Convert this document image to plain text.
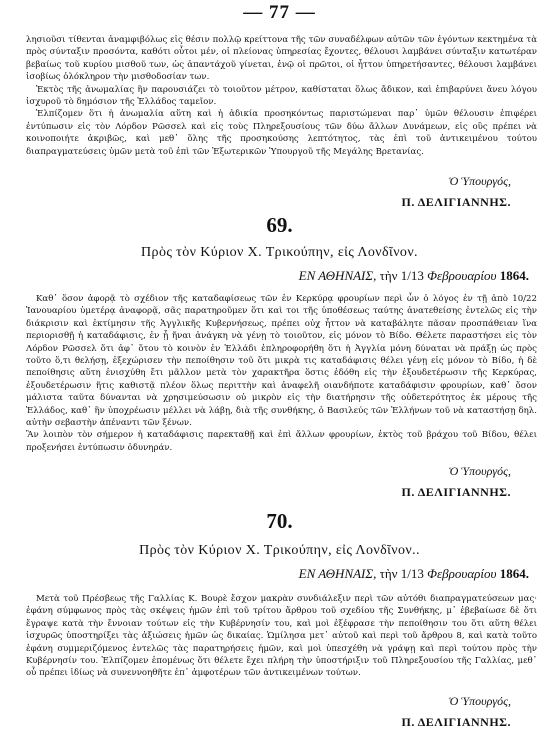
— 77 —

λησιοῦσι τίθενται ἀναμφιβόλως εἰς θέσιν πολλῷ κρείττονα τῆς τῶν συναδέλφων αὐτῶν τῶν ἐγόντων κεκτημένα τὰ πρὸς σύνταξιν προσόντα, καθότι οὗτοι μέν, οἱ πλείονας ὑπηρεσίας ἔχοντες, θέλουσι λαμβάνει σύνταξιν κατωτέραν βεβαίως τοῦ κυρίου μισθοῦ των, ὡς ἀπαντάχοῦ γίνεται, ἐνῷ οἱ πρῶτοι, οἱ ἧττον ὑπηρετήσαντες, θέλουσι λαμβάνει ἰσοβίως ὁλόκληρον τὴν μισθοδοσίαν των.

Ἐκτὸς τῆς ἀνωμαλίας ἣν παρουσιάζει τὸ τοιοῦτον μέτρον, καθίσταται ὅλως ἄδικον, καὶ ἐπιβαρύνει ἄνευ λόγου ἰσχυροῦ τὸ δημόσιον τῆς Ἑλλάδος ταμεῖον.

Ἐλπίζομεν ὅτι ἡ ἀνωμαλία αὕτη καὶ ἡ ἀδικία προσηκόντως παριστώμεναι παρ᾽ ὑμῶν θέλουσιν ἐπιφέρει ἐντύπωσιν εἰς τὸν Λόρδον Ρῶσσελ καὶ εἰς τοὺς Πληρεξουσίους τῶν δύω ἄλλων Δυνάμεων, εἰς οὓς πρέπει νὰ κοινοποιήτε ἀκριβῶς, καὶ μεθ᾽ ὅλης τῆς προσηκούσης λεπτότητος, τὰς ἐπὶ τοῦ ἀντικειμένου τούτου διαπραγματεύσεις ὑμῶν μετὰ τοῦ ἐπὶ τῶν Ἐξωτερικῶν Ὑπουργοῦ τῆς Μεγάλης Βρετανίας.

Ὁ Ὑπουργός,
Π. ΔΕΛΙΓΙΑΝΝΗΣ.
69.
Πρὸς τὸν Κύριον Χ. Τρικούπην, εἰς Λονδῖνον.
ΕΝ ΑΘΗΝΑΙΣ, τὴν 1/13 Φεβρουαρίου 1864.

Καθ᾽ ὅσον ἀφορᾷ τὸ σχέδιον τῆς καταδαφίσεως τῶν ἐν Κερκύρᾳ φρουρίων περὶ ὧν ὁ λόγος ἐν τῇ ἀπὸ 10/22 Ἰανουαρίου ὑμετέρᾳ ἀναφορᾷ, σᾶς παρατηροῦμεν ὅτι καὶ τοι τῆς ὑποθέσεως ταύτης ἀνατεθείσης ἐντελῶς εἰς τὴν διάκρισιν καὶ ἐκτίμησιν τῆς Ἀγγλικῆς Κυβερνήσεως, πρέπει οὐχ ἧττον νὰ καταβάλητε πᾶσαν προσπάθειαν ἵνα περιορισθῇ ἡ καταδάφισις, ἐν ᾗ ἤναι ἀνάγκη νὰ γένῃ τὸ τοιοῦτον, εἰς μόνον τὸ Βίδο. Θέλετε παραστήσει εἰς τὸν Λόρδον Ρῶσσελ ὅτι ἀφ᾽ ὅτου τὸ κοινὸν ἐν Ἑλλάδι ἐπληροφορήθη ὅτι ἡ Ἀγγλία μόνη δύναται νὰ πράξῃ ὡς πρὸς τοῦτο ὅ,τι θελήσῃ, ἐξεχώρισεν τὴν πεποίθησιν τοῦ ὅτι μικρὰ τις καταδάφισις θέλει γένῃ εἰς μόνον τὸ Βίδο, ἡ δὲ πεποίθησις αὕτη ἐνισχύθη ἔτι μᾶλλον μετὰ τὸν χαρακτῆρα ὅστις ἐδόθη εἰς τὴν ἐξουδετέρωσιν τῆς Κερκύρας, ἐξουδετέρωσιν ἥτις καθιστᾷ πλέον ὅλως περιττὴν καὶ ἀναφελῆ οιανδήποτε καταδάφισιν φρουρίων, καθ᾽ ὅσον μάλιστα ταῦτα δύνανται νὰ χρησιμεύσωσιν οὐ μικρὸν εἰς τὴν διατήρησιν τῆς οὐδετερότητος ἐκ μέρους τῆς Ἑλλάδος, καθ᾽ ἣν ὑποχρέωσιν μέλλει νὰ λάβῃ, διὰ τῆς συνθήκης, ὁ Βασιλεύς τῶν Ἑλλήνων τοῦ νὰ καταστήσῃ δηλ. αὐτὴν σεβαστὴν ἀπέναντι τῶν ξένων.

Ἂν λοιπὸν τὸν σήμερον ἡ καταδάφισις παρεκταθῇ καὶ ἐπὶ ἄλλων φρουρίων, ἐκτὸς τοῦ βράχου τοῦ Βίδου, θέλει προξενήσει ἐντύπωσιν ὀδυνηράν.

Ὁ Ὑπουργός,
Π. ΔΕΛΙΓΙΑΝΝΗΣ.
70.
Πρὸς τὸν Κύριον Χ. Τρικούπην, εἰς Λονδῖνον..
ΕΝ ΑΘΗΝΑΙΣ, τὴν 1/13 Φεβρουαρίου 1864.

Μετὰ τοῦ Πρέσβεως τῆς Γαλλίας Κ. Βουρὲ ἔσχον μακρὰν συνδιάλεξιν περὶ τῶν αὐτόθι διαπραγματεύσεων μας· ἐφάνη σύμφωνος πρὸς τὰς σκέψεις ἡμῶν ἐπὶ τοῦ τρίτου ἄρθρου τοῦ σχεδίου τῆς Συνθήκης, μ᾽ ἐβεβαίωσε δὲ ὅτι ἔγραψε κατὰ τὴν ἔννοιαν τούτων εἰς τὴν Κυβέρνησίν του, καὶ μοὶ ἐξέφρασε τὴν πεποίθησιν του ὅτι αὕτη θέλει ἰσχυρῶς ὑποστηρίξει τὰς ἀξιώσεις ἡμῶν ὡς δικαίας. Ὡμίλησα μετ᾽ αὐτοῦ καὶ περὶ τοῦ ἄρθρου 8, καὶ κατὰ τοῦτο ἐφάνη συμμεριζόμενος ἐντελῶς τὰς παρατηρήσεις ἡμῶν, καὶ μοὶ ὑπεσχέθη νὰ γράψῃ καὶ περὶ τούτου πρὸς τὴν Κυβέρνησίν του. Ἐλπίζομεν ἑπομένως ὅτι θέλετε ἔχει πλήρη τὴν ὑποστήριξιν τοῦ Πληρεξουσίου τῆς Γαλλίας, μεθ᾽ οὗ πρέπει ἰδίως νὰ συνεννοηθῆτε ἐπ᾽ ἀμφοτέρων τῶν ἀντικειμένων τούτων.

Ὁ Ὑπουργός,
Π. ΔΕΛΙΓΙΑΝΝΗΣ.
